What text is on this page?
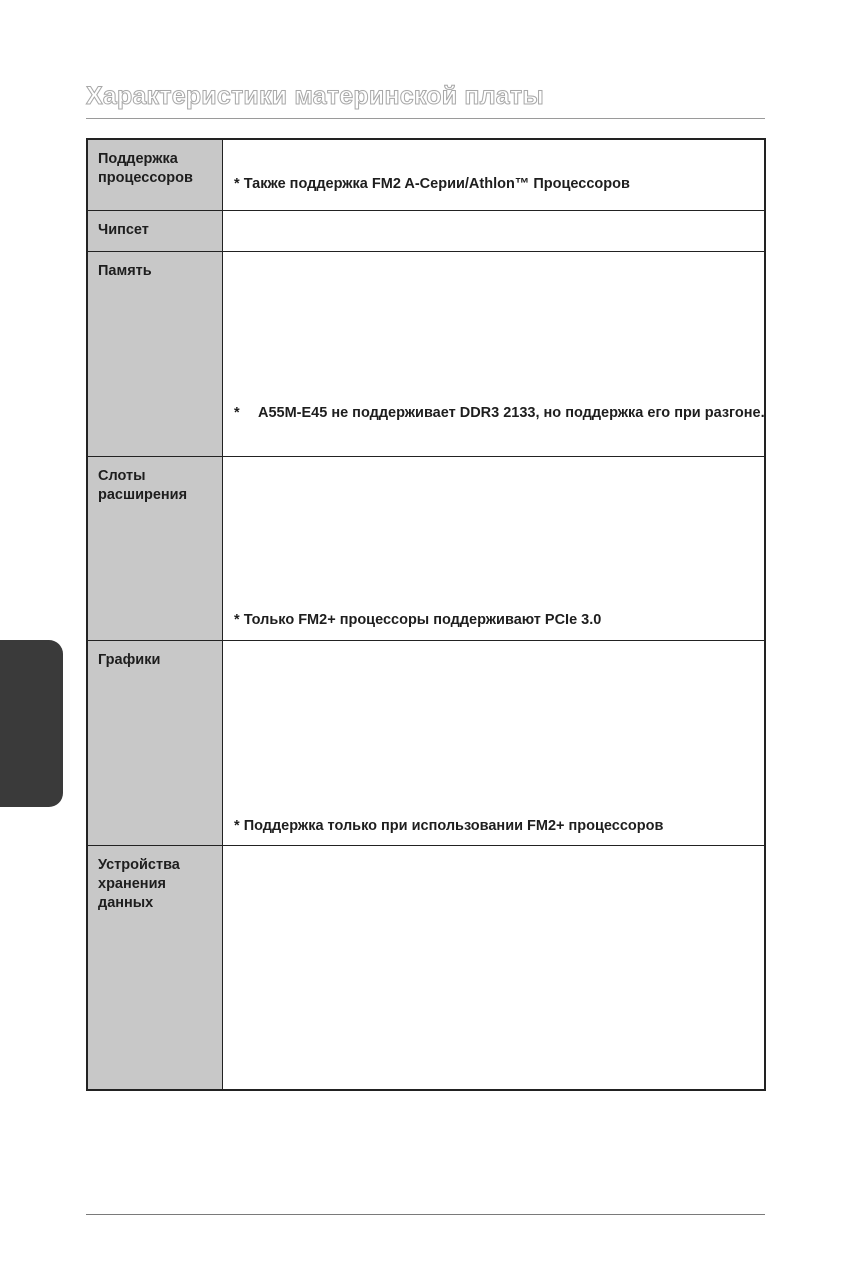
Характеристики материнской платы
Поддержка процессоров	* Также поддержка FM2 A-Серии/Athlon™ Процессоров
Чипсет
Память
* A55M-E45 не поддерживает DDR3 2133, но поддержка его при разгоне.
Слоты расширения
* Только FM2+ процессоры поддерживают PCIe 3.0
Графики
* Поддержка только при использовании FM2+ процессоров
Устройства хранения данных
